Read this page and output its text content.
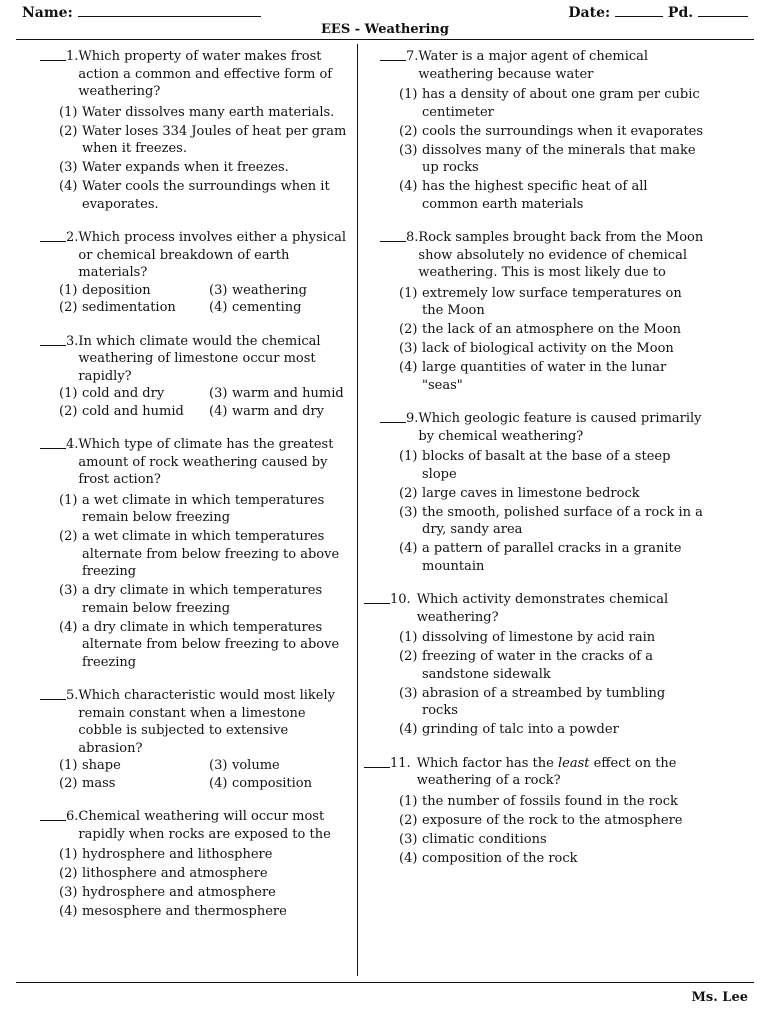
Name:	Date:	Pd.
EES - Weathering
1. Which property of water makes frost action a common and effective form of weathering?
(1) Water dissolves many earth materials.
(2) Water loses 334 Joules of heat per gram when it freezes.
(3) Water expands when it freezes.
(4) Water cools the surroundings when it evaporates.
2. Which process involves either a physical or chemical breakdown of earth materials?
(1) deposition	(3) weathering
(2) sedimentation	(4) cementing
3. In which climate would the chemical weathering of limestone occur most rapidly?
(1) cold and dry	(3) warm and humid
(2) cold and humid	(4) warm and dry
4. Which type of climate has the greatest amount of rock weathering caused by frost action?
(1) a wet climate in which temperatures remain below freezing
(2) a wet climate in which temperatures alternate from below freezing to above freezing
(3) a dry climate in which temperatures remain below freezing
(4) a dry climate in which temperatures alternate from below freezing to above freezing
5. Which characteristic would most likely remain constant when a limestone cobble is subjected to extensive abrasion?
(1) shape	(3) volume
(2) mass	(4) composition
6. Chemical weathering will occur most rapidly when rocks are exposed to the
(1) hydrosphere and lithosphere
(2) lithosphere and atmosphere
(3) hydrosphere and atmosphere
(4) mesosphere and thermosphere
7. Water is a major agent of chemical weathering because water
(1) has a density of about one gram per cubic centimeter
(2) cools the surroundings when it evaporates
(3) dissolves many of the minerals that make up rocks
(4) has the highest specific heat of all common earth materials
8. Rock samples brought back from the Moon show absolutely no evidence of chemical weathering. This is most likely due to
(1) extremely low surface temperatures on the Moon
(2) the lack of an atmosphere on the Moon
(3) lack of biological activity on the Moon
(4) large quantities of water in the lunar "seas"
9. Which geologic feature is caused primarily by chemical weathering?
(1) blocks of basalt at the base of a steep slope
(2) large caves in limestone bedrock
(3) the smooth, polished surface of a rock in a dry, sandy area
(4) a pattern of parallel cracks in a granite mountain
10. Which activity demonstrates chemical weathering?
(1) dissolving of limestone by acid rain
(2) freezing of water in the cracks of a sandstone sidewalk
(3) abrasion of a streambed by tumbling rocks
(4) grinding of talc into a powder
11. Which factor has the least effect on the weathering of a rock?
(1) the number of fossils found in the rock
(2) exposure of the rock to the atmosphere
(3) climatic conditions
(4) composition of the rock
Ms. Lee
